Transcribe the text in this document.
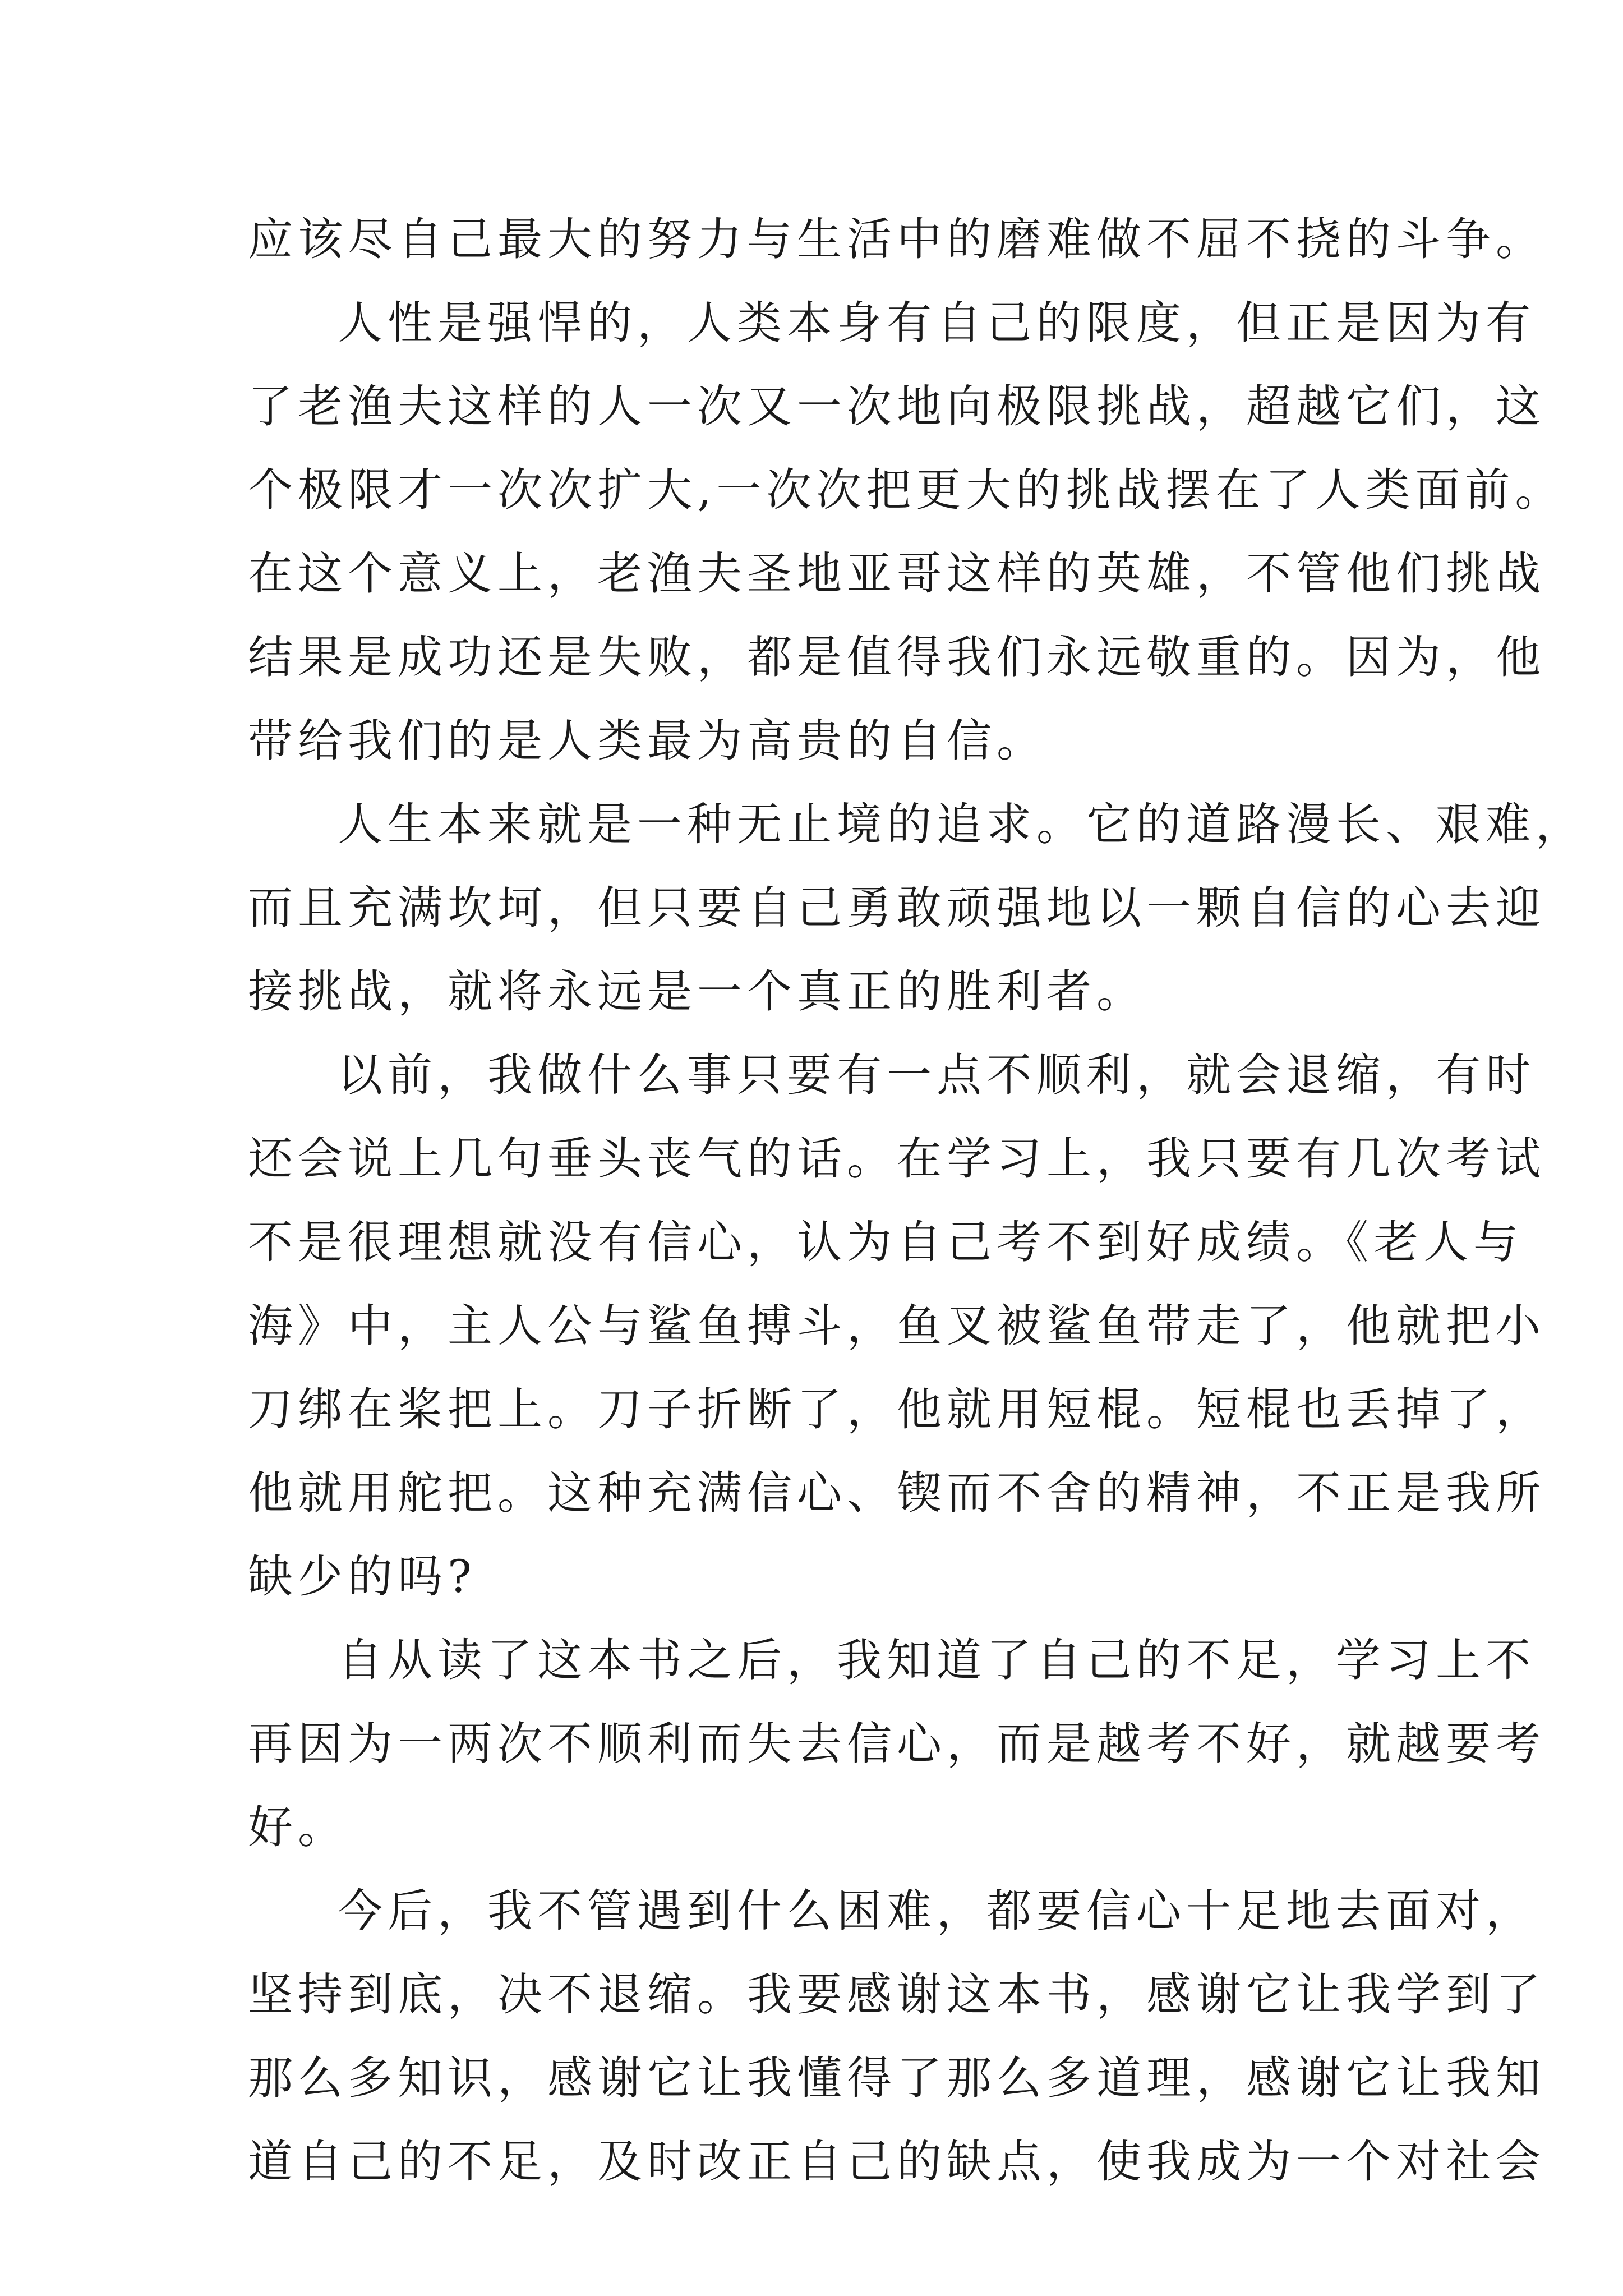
应该尽自己最大的努力与生活中的磨难做不屈不挠的斗争。
人性是强悍的，人类本身有自己的限度，但正是因为有
了老渔夫这样的人一次又一次地向极限挑战，超越它们，这
个极限才一次次扩大,一次次把更大的挑战摆在了人类面前。
在这个意义上，老渔夫圣地亚哥这样的英雄，不管他们挑战
结果是成功还是失败，都是值得我们永远敬重的。因为，他
带给我们的是人类最为高贵的自信。
人生本来就是一种无止境的追求。它的道路漫长、艰难，
而且充满坎坷，但只要自己勇敢顽强地以一颗自信的心去迎
接挑战，就将永远是一个真正的胜利者。
以前，我做什么事只要有一点不顺利，就会退缩，有时
还会说上几句垂头丧气的话。在学习上，我只要有几次考试
不是很理想就没有信心，认为自己考不到好成绩。《老人与
海》中，主人公与鲨鱼搏斗，鱼叉被鲨鱼带走了，他就把小
刀绑在桨把上。刀子折断了，他就用短棍。短棍也丢掉了，
他就用舵把。这种充满信心、锲而不舍的精神，不正是我所
缺少的吗?
自从读了这本书之后，我知道了自己的不足，学习上不
再因为一两次不顺利而失去信心，而是越考不好，就越要考
好。
今后，我不管遇到什么困难，都要信心十足地去面对，
坚持到底，决不退缩。我要感谢这本书，感谢它让我学到了
那么多知识，感谢它让我懂得了那么多道理，感谢它让我知
道自己的不足，及时改正自己的缺点，使我成为一个对社会
